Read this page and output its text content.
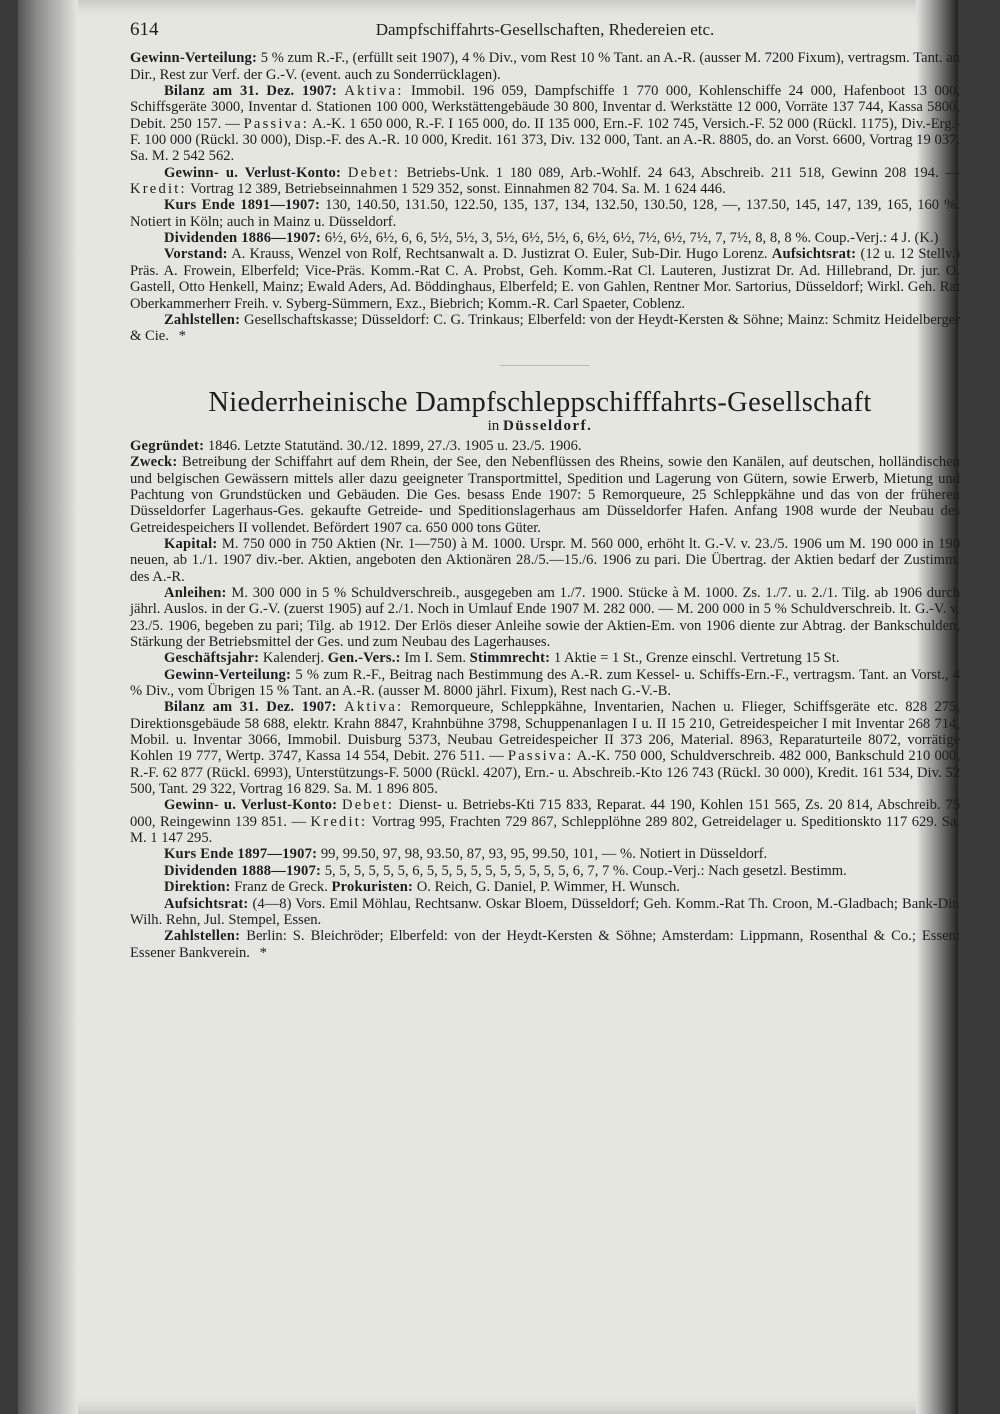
614	Dampfschiffahrts-Gesellschaften, Rhedereien etc.

Gewinn-Verteilung: 5 % zum R.-F., (erfüllt seit 1907), 4 % Div., vom Rest 10 % Tant. an A.-R. (ausser M. 7200 Fixum), vertragsm. Tant. an Dir., Rest zur Verf. der G.-V. (event. auch zu Sonderrücklagen).

Bilanz am 31. Dez. 1907: Aktiva: Immobil. 196 059, Dampfschiffe 1 770 000, Kohlenschiffe 24 000, Hafenboot 13 000, Schiffsgeräte 3000, Inventar d. Stationen 100 000, Werkstättengebäude 30 800, Inventar d. Werkstätte 12 000, Vorräte 137 744, Kassa 5800, Debit. 250 157. — Passiva: A.-K. 1 650 000, R.-F. I 165 000, do. II 135 000, Ern.-F. 102 745, Versich.-F. 52 000 (Rückl. 1175), Div.-Erg.-F. 100 000 (Rückl. 30 000), Disp.-F. des A.-R. 10 000, Kredit. 161 373, Div. 132 000, Tant. an A.-R. 8805, do. an Vorst. 6600, Vortrag 19 037. Sa. M. 2 542 562.

Gewinn- u. Verlust-Konto: Debet: Betriebs-Unk. 1 180 089, Arb.-Wohlf. 24 643, Abschreib. 211 518, Gewinn 208 194. — Kredit: Vortrag 12 389, Betriebseinnahmen 1 529 352, sonst. Einnahmen 82 704. Sa. M. 1 624 446.

Kurs Ende 1891—1907: 130, 140.50, 131.50, 122.50, 135, 137, 134, 132.50, 130.50, 128, —, 137.50, 145, 147, 139, 165, 160 %. Notiert in Köln; auch in Mainz u. Düsseldorf.

Dividenden 1886—1907: 6½, 6½, 6½, 6, 6, 5½, 5½, 3, 5½, 6½, 5½, 6, 6½, 6½, 7½, 6½, 7½, 7, 7½, 8, 8, 8 %. Coup.-Verj.: 4 J. (K.)

Vorstand: A. Krauss, Wenzel von Rolf, Rechtsanwalt a. D. Justizrat O. Euler, Sub-Dir. Hugo Lorenz. Aufsichtsrat: (12 u. 12 Stellv.) Präs. A. Frowein, Elberfeld; Vice-Präs. Komm.-Rat C. A. Probst, Geh. Komm.-Rat Cl. Lauteren, Justizrat Dr. Ad. Hillebrand, Dr. jur. O. Gastell, Otto Henkell, Mainz; Ewald Aders, Ad. Böddinghaus, Elberfeld; E. von Gahlen, Rentner Mor. Sartorius, Düsseldorf; Wirkl. Geh. Rat Oberkammerherr Freih. v. Syberg-Sümmern, Exz., Biebrich; Komm.-R. Carl Spaeter, Coblenz.

Zahlstellen: Gesellschaftskasse; Düsseldorf: C. G. Trinkaus; Elberfeld: von der Heydt-Kersten & Söhne; Mainz: Schmitz Heidelberger & Cie. *

Niederrheinische Dampfschleppschifffahrts-Gesellschaft
in Düsseldorf.

Gegründet: 1846. Letzte Statutänd. 30./12. 1899, 27./3. 1905 u. 23./5. 1906.

Zweck: Betreibung der Schiffahrt auf dem Rhein, der See, den Nebenflüssen des Rheins, sowie den Kanälen, auf deutschen, holländischen und belgischen Gewässern mittels aller dazu geeigneter Transportmittel, Spedition und Lagerung von Gütern, sowie Erwerb, Mietung und Pachtung von Grundstücken und Gebäuden. Die Ges. besass Ende 1907: 5 Remorqueure, 25 Schleppkähne und das von der früheren Düsseldorfer Lagerhaus-Ges. gekaufte Getreide- und Speditionslagerhaus am Düsseldorfer Hafen. Anfang 1908 wurde der Neubau des Getreidespeichers II vollendet. Befördert 1907 ca. 650 000 tons Güter.

Kapital: M. 750 000 in 750 Aktien (Nr. 1—750) à M. 1000. Urspr. M. 560 000, erhöht lt. G.-V. v. 23./5. 1906 um M. 190 000 in 190 neuen, ab 1./1. 1907 div.-ber. Aktien, angeboten den Aktionären 28./5.—15./6. 1906 zu pari. Die Übertrag. der Aktien bedarf der Zustimm. des A.-R.

Anleihen: M. 300 000 in 5 % Schuldverschreib., ausgegeben am 1./7. 1900. Stücke à M. 1000. Zs. 1./7. u. 2./1. Tilg. ab 1906 durch jährl. Auslos. in der G.-V. (zuerst 1905) auf 2./1. Noch in Umlauf Ende 1907 M. 282 000. — M. 200 000 in 5 % Schuldverschreib. lt. G.-V. v. 23./5. 1906, begeben zu pari; Tilg. ab 1912. Der Erlös dieser Anleihe sowie der Aktien-Em. von 1906 diente zur Abtrag. der Bankschulden, Stärkung der Betriebsmittel der Ges. und zum Neubau des Lagerhauses.

Geschäftsjahr: Kalenderj. Gen.-Vers.: Im I. Sem. Stimmrecht: 1 Aktie = 1 St., Grenze einschl. Vertretung 15 St.

Gewinn-Verteilung: 5 % zum R.-F., Beitrag nach Bestimmung des A.-R. zum Kessel- u. Schiffs-Ern.-F., vertragsm. Tant. an Vorst., 4 % Div., vom Übrigen 15 % Tant. an A.-R. (ausser M. 8000 jährl. Fixum), Rest nach G.-V.-B.

Bilanz am 31. Dez. 1907: Aktiva: Remorqueure, Schleppkähne, Inventarien, Nachen u. Flieger, Schiffsgeräte etc. 828 275, Direktionsgebäude 58 688, elektr. Krahn 8847, Krahnbühne 3798, Schuppenanlagen I u. II 15 210, Getreidespeicher I mit Inventar 268 714, Mobil. u. Inventar 3066, Immobil. Duisburg 5373, Neubau Getreidespeicher II 373 206, Material. 8963, Reparaturteile 8072, vorrätige Kohlen 19 777, Wertp. 3747, Kassa 14 554, Debit. 276 511. — Passiva: A.-K. 750 000, Schuldverschreib. 482 000, Bankschuld 210 000, R.-F. 62 877 (Rückl. 6993), Unterstützungs-F. 5000 (Rückl. 4207), Ern.- u. Abschreib.-Kto 126 743 (Rückl. 30 000), Kredit. 161 534, Div. 52 500, Tant. 29 322, Vortrag 16 829. Sa. M. 1 896 805.

Gewinn- u. Verlust-Konto: Debet: Dienst- u. Betriebs-Kti 715 833, Reparat. 44 190, Kohlen 151 565, Zs. 20 814, Abschreib. 75 000, Reingewinn 139 851. — Kredit: Vortrag 995, Frachten 729 867, Schlepplöhne 289 802, Getreidelager u. Speditionskto 117 629. Sa. M. 1 147 295.

Kurs Ende 1897—1907: 99, 99.50, 97, 98, 93.50, 87, 93, 95, 99.50, 101, — %. Notiert in Düsseldorf.

Dividenden 1888—1907: 5, 5, 5, 5, 5, 5, 6, 5, 5, 5, 5, 5, 5, 5, 5, 5, 5, 6, 7, 7 %. Coup.-Verj.: Nach gesetzl. Bestimm.

Direktion: Franz de Greck. Prokuristen: O. Reich, G. Daniel, P. Wimmer, H. Wunsch.

Aufsichtsrat: (4—8) Vors. Emil Möhlau, Rechtsanw. Oskar Bloem, Düsseldorf; Geh. Komm.-Rat Th. Croon, M.-Gladbach; Bank-Dir. Wilh. Rehn, Jul. Stempel, Essen.

Zahlstellen: Berlin: S. Bleichröder; Elberfeld: von der Heydt-Kersten & Söhne; Amsterdam: Lippmann, Rosenthal & Co.; Essen: Essener Bankverein. *
